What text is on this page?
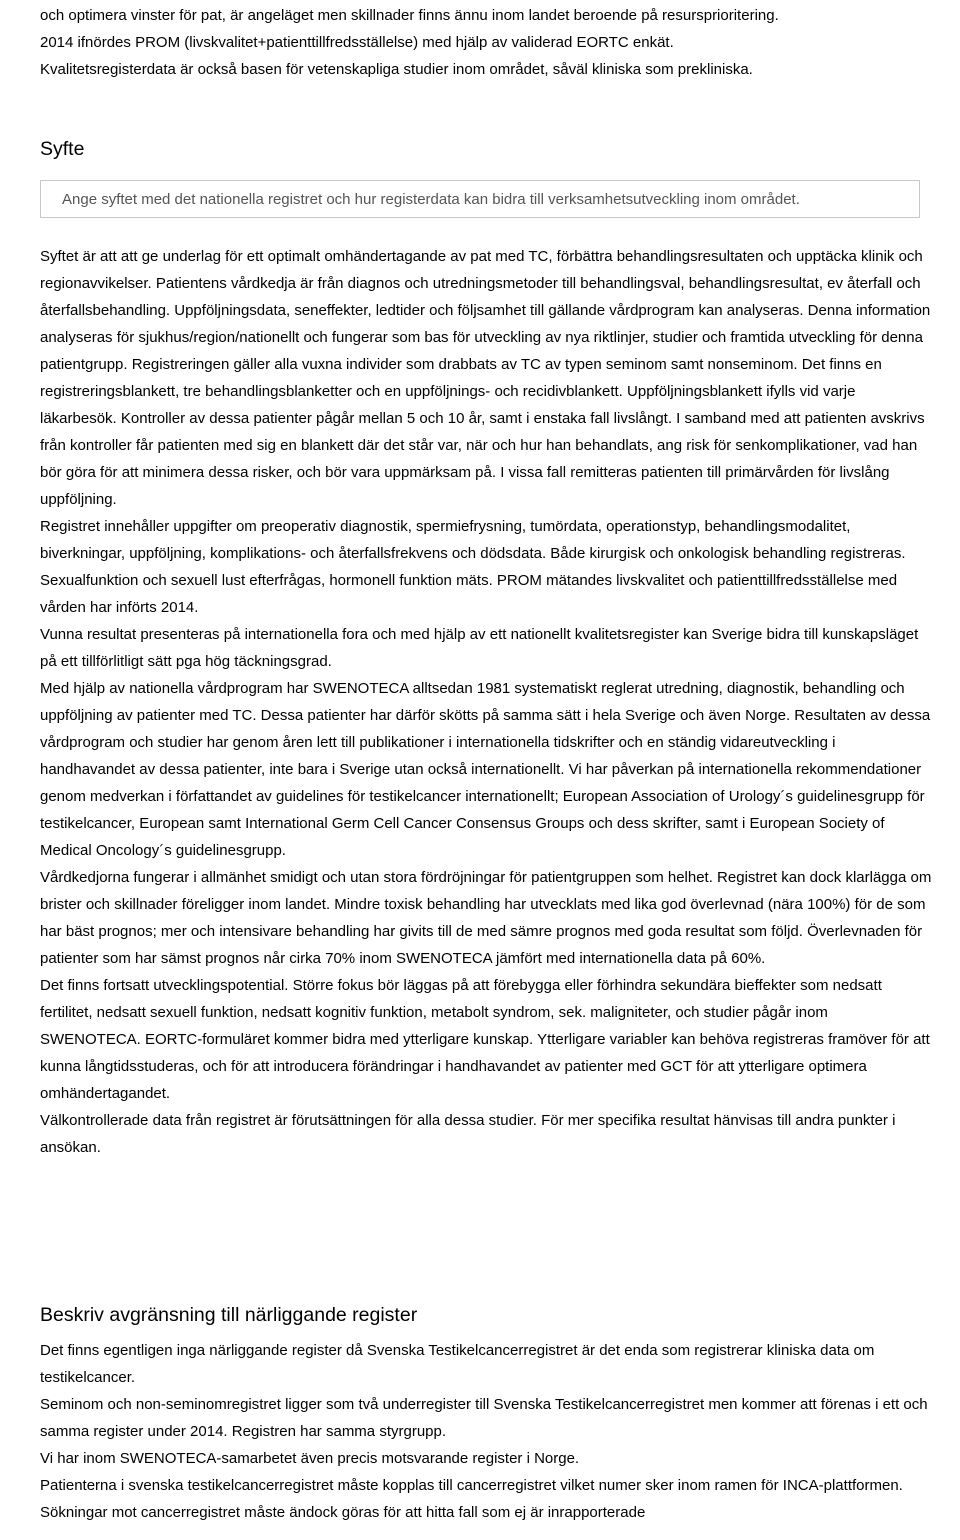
och optimera vinster för pat, är angeläget men skillnader finns ännu inom landet beroende på resursprioritering.

2014 ifnördes PROM (livskvalitet+patienttillfredsställelse) med hjälp av validerad EORTC enkät.

Kvalitetsregisterdata är också basen för vetenskapliga studier inom området, såväl kliniska som prekliniska.

Syfte
Ange syftet med det nationella registret och hur registerdata kan bidra till verksamhetsutveckling inom området.

Syftet är att att ge underlag för ett optimalt omhändertagande av pat med TC, förbättra behandlingsresultaten och upptäcka klinik och regionavvikelser. Patientens vårdkedja är från diagnos och utredningsmetoder till behandlingsval, behandlingsresultat, ev återfall och återfallsbehandling. Uppföljningsdata, seneffekter, ledtider och följsamhet till gällande vårdprogram kan analyseras. Denna information analyseras för sjukhus/region/nationellt och fungerar som bas för utveckling av nya riktlinjer, studier och framtida utveckling för denna patientgrupp. Registreringen gäller alla vuxna individer som drabbats av TC av typen seminom samt nonseminom. Det finns en registreringsblankett, tre behandlingsblanketter och en uppföljnings- och recidivblankett. Uppföljningsblankett ifylls vid varje läkarbesök. Kontroller av dessa patienter pågår mellan 5 och 10 år, samt i enstaka fall livslångt. I samband med att patienten avskrivs från kontroller får patienten med sig en blankett där det står var, när och hur han behandlats, ang risk för senkomplikationer, vad han bör göra för att minimera dessa risker, och bör vara uppmärksam på. I vissa fall remitteras patienten till primärvården för livslång uppföljning.

Registret innehåller uppgifter om preoperativ diagnostik, spermiefrysning, tumördata, operationstyp, behandlingsmodalitet, biverkningar, uppföljning, komplikations- och återfallsfrekvens och dödsdata. Både kirurgisk och onkologisk behandling registreras. Sexualfunktion och sexuell lust efterfrågas, hormonell funktion mäts. PROM mätandes livskvalitet och patienttillfredsställelse med vården har införts 2014.

Vunna resultat presenteras på internationella fora och med hjälp av ett nationellt kvalitetsregister kan Sverige bidra till kunskapsläget på ett tillförlitligt sätt pga hög täckningsgrad.

Med hjälp av nationella vårdprogram har SWENOTECA alltsedan 1981 systematiskt reglerat utredning, diagnostik, behandling och uppföljning av patienter med TC. Dessa patienter har därför skötts på samma sätt i hela Sverige och även Norge. Resultaten av dessa vårdprogram och studier har genom åren lett till publikationer i internationella tidskrifter och en ständig vidareutveckling i handhavandet av dessa patienter, inte bara i Sverige utan också internationellt. Vi har påverkan på internationella rekommendationer genom medverkan i författandet av guidelines för testikelcancer internationellt; European Association of Urology´s guidelinesgrupp för testikelcancer, European samt International Germ Cell Cancer Consensus Groups och dess skrifter, samt i European Society of Medical Oncology´s guidelinesgrupp.

Vårdkedjorna fungerar i allmänhet smidigt och utan stora fördröjningar för patientgruppen som helhet. Registret kan dock klarlägga om brister och skillnader föreligger inom landet. Mindre toxisk behandling har utvecklats med lika god överlevnad (nära 100%) för de som har bäst prognos; mer och intensivare behandling har givits till de med sämre prognos med goda resultat som följd. Överlevnaden för patienter som har sämst prognos når cirka 70% inom SWENOTECA jämfört med internationella data på 60%.

Det finns fortsatt utvecklingspotential. Större fokus bör läggas på att förebygga eller förhindra sekundära bieffekter som nedsatt fertilitet, nedsatt sexuell funktion, nedsatt kognitiv funktion, metabolt syndrom, sek. maligniteter, och studier pågår inom SWENOTECA. EORTC-formuläret kommer bidra med ytterligare kunskap. Ytterligare variabler kan behöva registreras framöver för att kunna långtidsstuderas, och för att introducera förändringar i handhavandet av patienter med GCT för att ytterligare optimera omhändertagandet.

Välkontrollerade data från registret är förutsättningen för alla dessa studier. För mer specifika resultat hänvisas till andra punkter i ansökan.

Beskriv avgränsning till närliggande register

Det finns egentligen inga närliggande register då Svenska Testikelcancerregistret är det enda som registrerar kliniska data om testikelcancer.

Seminom och non-seminomregistret ligger som två underregister till Svenska Testikelcancerregistret men kommer att förenas i ett och samma register under 2014. Registren har samma styrgrupp.

Vi har inom SWENOTECA-samarbetet även precis motsvarande register i Norge.

Patienterna i svenska testikelcancerregistret måste kopplas till cancerregistret vilket numer sker inom ramen för INCA-plattformen. Sökningar mot cancerregistret måste ändock göras för att hitta fall som ej är inrapporterade
